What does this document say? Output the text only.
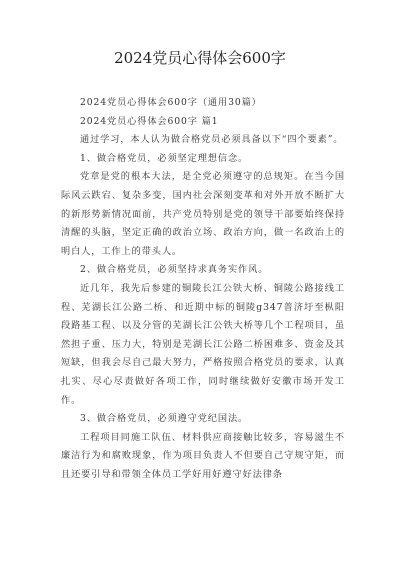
2024党员心得体会600字

2024党员心得体会600字（通用30篇）

2024党员心得体会600字 篇1

通过学习，本人认为做合格党员必须具备以下“四个要素”。

1、做合格党员，必须坚定理想信念。

党章是党的根本大法，是全党必须遵守的总规矩。在当今国际风云跌宕、复杂多变，国内社会深刻变革和对外开放不断扩大的新形势新情况面前，共产党员特别是党的领导干部要始终保持清醒的头脑，坚定正确的政治立场、政治方向，做一名政治上的明白人，工作上的带头人。

2、做合格党员，必须坚持求真务实作风。

近几年，我先后参建的铜陵长江公铁大桥、铜陵公路接线工程、芜湖长江公路二桥、和近期中标的铜陵g347普济圩至枞阳段路基工程、以及分管的芜湖长江公铁大桥等几个工程项目，虽然担子重、压力大，特别是芜湖长江公路二桥困难多、资金及其短缺，但我会尽自己最大努力，严格按照合格党员的要求，认真扎实、尽心尽责做好各项工作，同时继续做好安徽市场开发工作。

3、做合格党员，必须遵守党纪国法。

工程项目同施工队伍、材料供应商接触比较多，容易滋生不廉洁行为和腐败现象，作为项目负责人不但要自己守规守矩，而且还要引导和带领全体员工学好用好遵守好法律条
